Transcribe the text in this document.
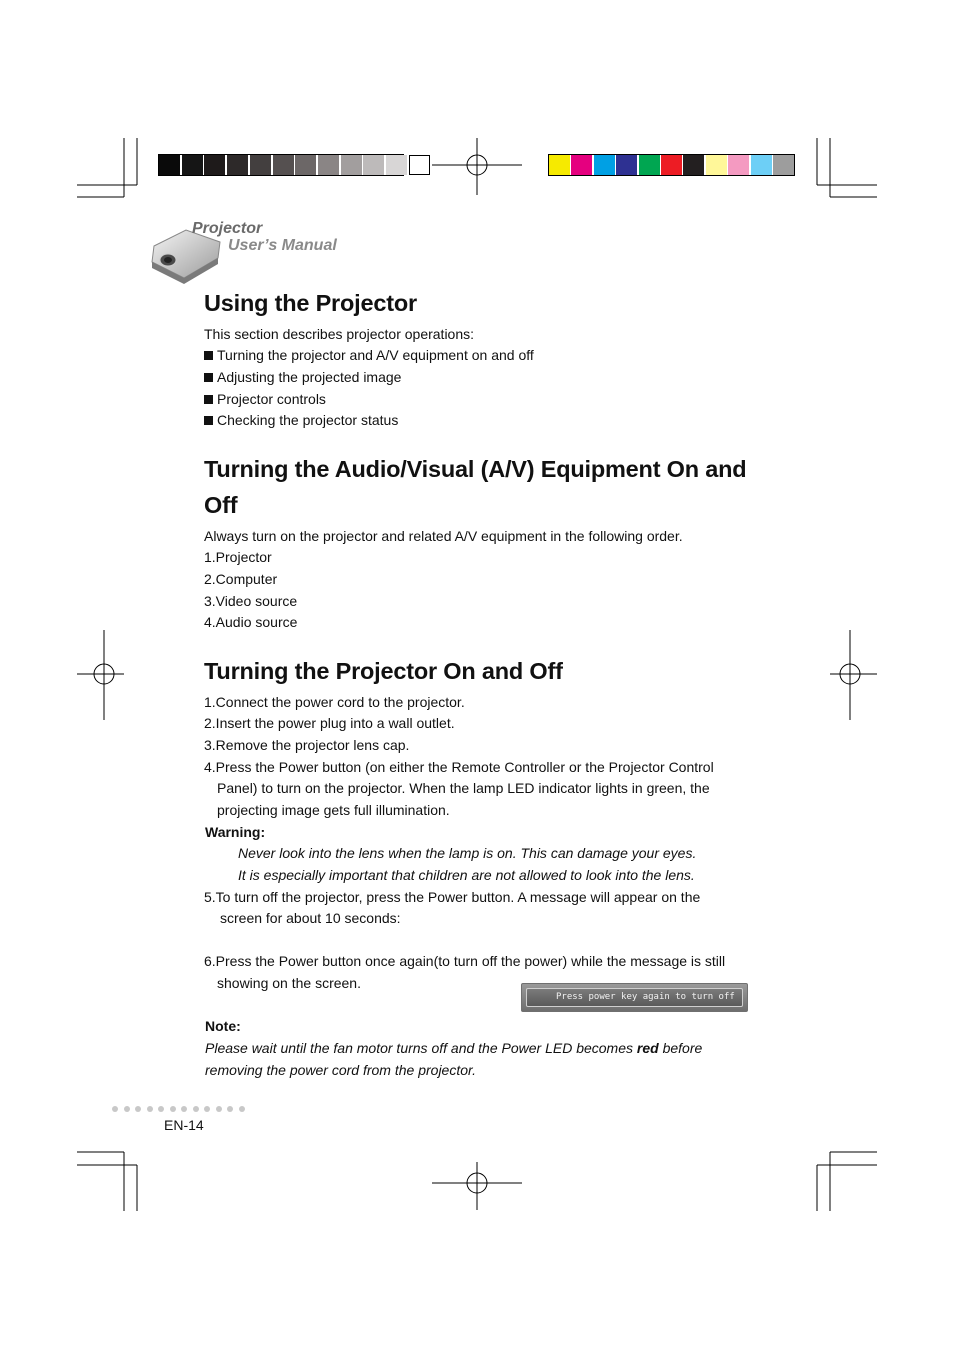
Projector
User’s Manual
Using the Projector
This section describes projector operations:
Turning the projector and A/V equipment on and off
Adjusting the projected image
Projector controls
Checking the projector status
Turning the Audio/Visual (A/V) Equipment On and
Off
Always turn on the projector and related A/V equipment in the following order.
1.Projector
2.Computer
3.Video source
4.Audio source
Turning the Projector On and Off
1.Connect the power cord to the projector.
2.Insert the power plug into a wall outlet.
3.Remove the projector lens cap.
4.Press the Power button (on either the Remote Controller or the Projector Control
Panel) to turn on the projector. When the lamp LED indicator lights in green, the
projecting image gets full illumination.
Warning:
Never look into the lens when the lamp is on. This can damage your eyes.
It is especially important that children are not allowed to look into the lens.
5.To turn off the projector, press the Power button. A message will appear on the
screen for about 10 seconds:
6.Press the Power button once again(to turn off the power) while the message is still
showing on the screen.
Press power key again to turn off
Note:
Please wait until the fan motor turns off and the Power LED becomes red before
removing the power cord from the projector.
EN-14
